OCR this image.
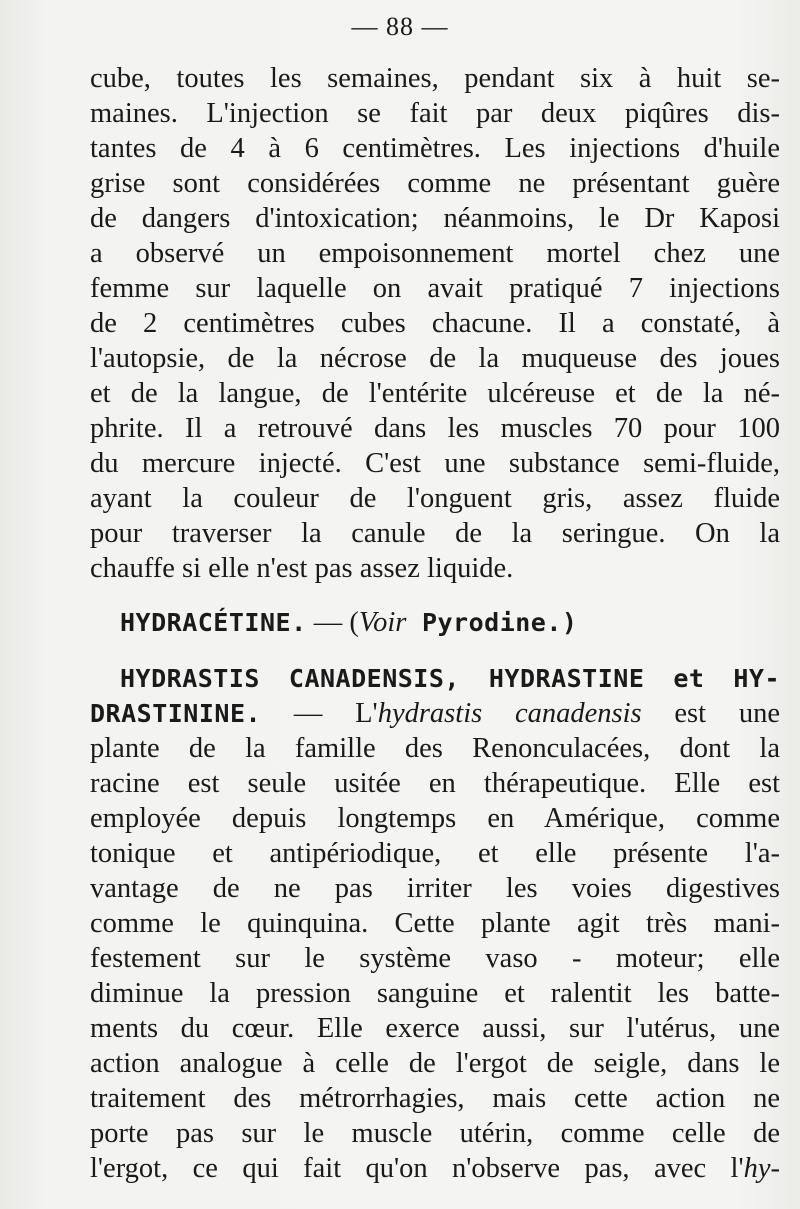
— 88 —
cube, toutes les semaines, pendant six à huit se-
maines. L'injection se fait par deux piqûres dis-
tantes de 4 à 6 centimètres. Les injections d'huile
grise sont considérées comme ne présentant guère
de dangers d'intoxication; néanmoins, le Dr Kaposi
a observé un empoisonnement mortel chez une
femme sur laquelle on avait pratiqué 7 injections
de 2 centimètres cubes chacune. Il a constaté, à
l'autopsie, de la nécrose de la muqueuse des joues
et de la langue, de l'entérite ulcéreuse et de la né-
phrite. Il a retrouvé dans les muscles 70 pour 100
du mercure injecté. C'est une substance semi-fluide,
ayant la couleur de l'onguent gris, assez fluide
pour traverser la canule de la seringue. On la
chauffe si elle n'est pas assez liquide.
HYDRACÉTINE. — (Voir Pyrodine.)
HYDRASTIS CANADENSIS, HYDRASTINE et HY-
DRASTININE. — L'hydrastis canadensis est une
plante de la famille des Renonculacées, dont la
racine est seule usitée en thérapeutique. Elle est
employée depuis longtemps en Amérique, comme
tonique et antipériodique, et elle présente l'a-
vantage de ne pas irriter les voies digestives
comme le quinquina. Cette plante agit très mani-
festement sur le système vaso - moteur; elle
diminue la pression sanguine et ralentit les batte-
ments du cœur. Elle exerce aussi, sur l'utérus, une
action analogue à celle de l'ergot de seigle, dans le
traitement des métrorrhagies, mais cette action ne
porte pas sur le muscle utérin, comme celle de
l'ergot, ce qui fait qu'on n'observe pas, avec l'hy-
